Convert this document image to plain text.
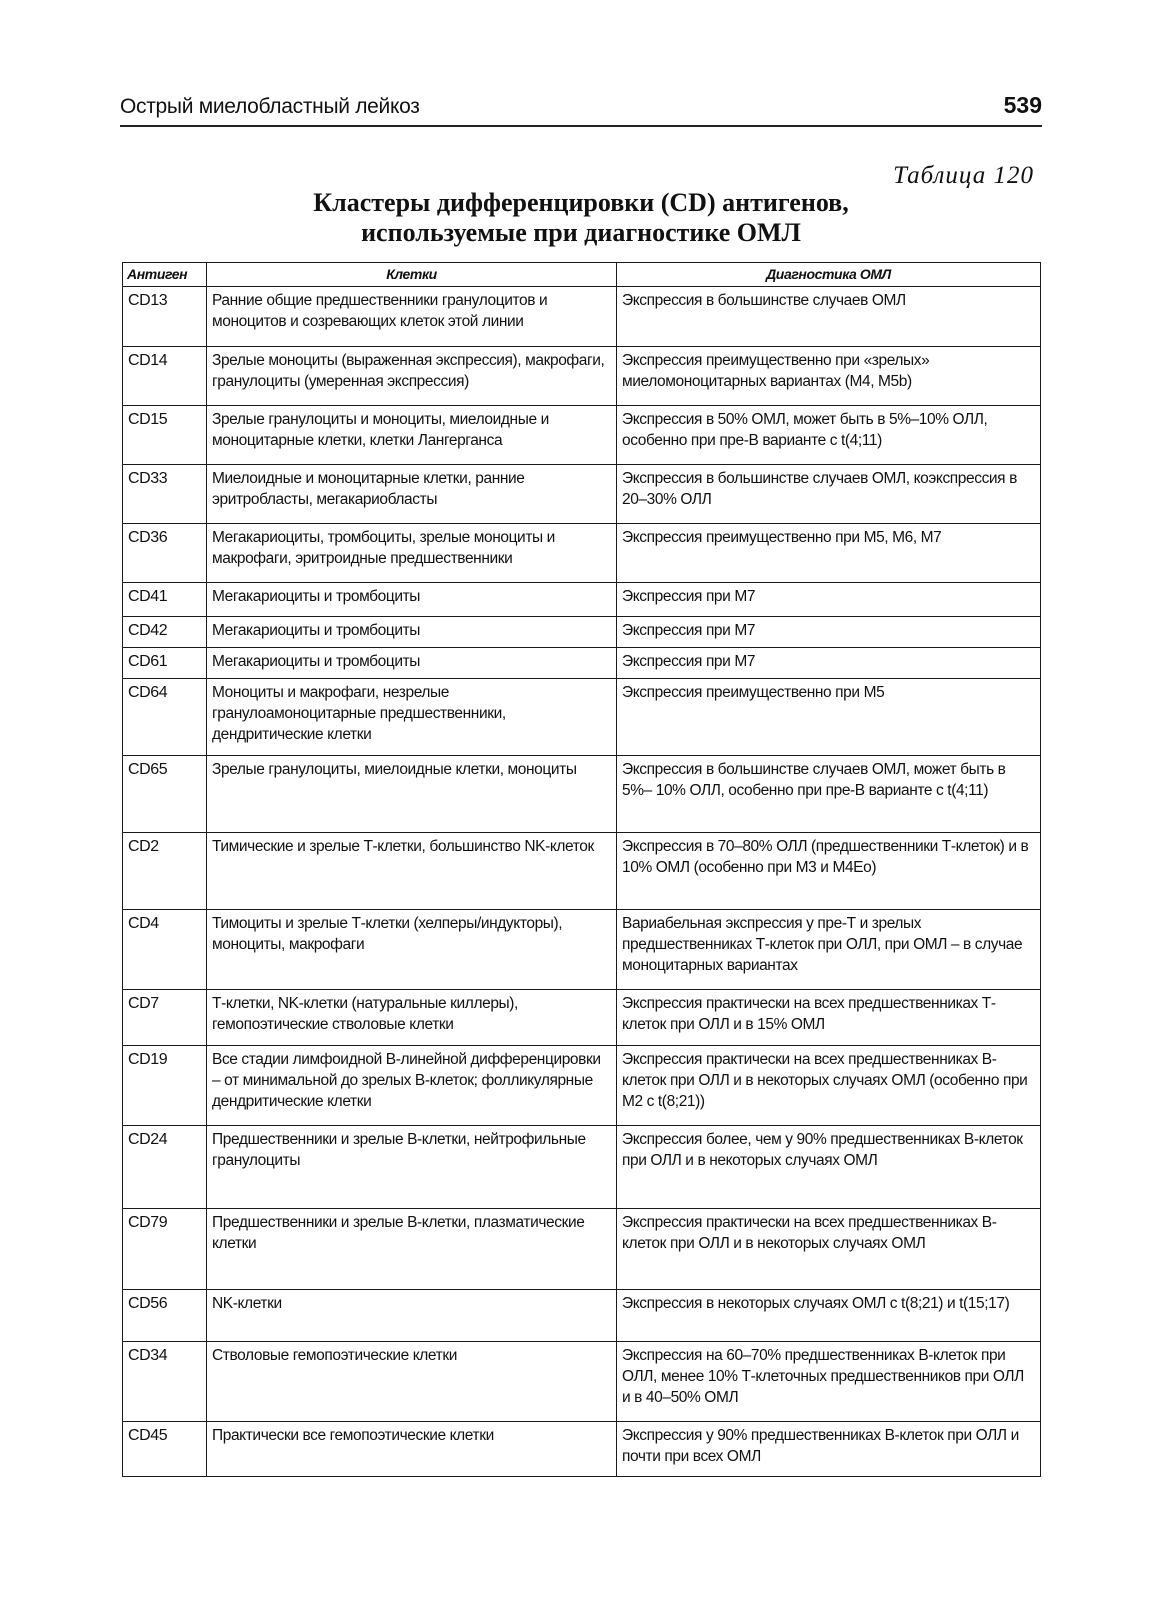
Острый миелобластный лейкоз	539
Таблица 120
Кластеры дифференцировки (CD) антигенов,
используемые при диагностике ОМЛ
Антиген	Клетки	Диагностика ОМЛ
CD13	Ранние общие предшественники гранулоцитов и моноцитов и созревающих клеток этой линии	Экспрессия в большинстве случаев ОМЛ
CD14	Зрелые моноциты (выраженная экспрессия), макрофаги, гранулоциты (умеренная экспрессия)	Экспрессия преимущественно при «зрелых» миеломоноцитарных вариантах (M4, M5b)
CD15	Зрелые гранулоциты и моноциты, миелоидные и моноцитарные клетки, клетки Лангерганса	Экспрессия в 50% ОМЛ, может быть в 5%–10% ОЛЛ, особенно при пре-В варианте с t(4;11)
CD33	Миелоидные и моноцитарные клетки, ранние эритробласты, мегакариобласты	Экспрессия в большинстве случаев ОМЛ, коэкспрессия в 20–30% ОЛЛ
CD36	Мегакариоциты, тромбоциты, зрелые моноциты и макрофаги, эритроидные предшественники	Экспрессия преимущественно при M5, M6, M7
CD41	Мегакариоциты и тромбоциты	Экспрессия при M7
CD42	Мегакариоциты и тромбоциты	Экспрессия при M7
CD61	Мегакариоциты и тромбоциты	Экспрессия при M7
CD64	Моноциты и макрофаги, незрелые гранулоамоноцитарные предшественники, дендритические клетки	Экспрессия преимущественно при M5
CD65	Зрелые гранулоциты, миелоидные клетки, моноциты	Экспрессия в большинстве случаев ОМЛ, может быть в 5%– 10% ОЛЛ, особенно при пре-В варианте с t(4;11)
CD2	Тимические и зрелые Т-клетки, большинство NK-клеток	Экспрессия в 70–80% ОЛЛ (предшественники Т-клеток) и в 10% ОМЛ (особенно при M3 и M4Eo)
CD4	Тимоциты и зрелые Т-клетки (хелперы/индукторы), моноциты, макрофаги	Вариабельная экспрессия у пре-Т и зрелых предшественниках Т-клеток при ОЛЛ, при ОМЛ – в случае моноцитарных вариантах
CD7	Т-клетки, NK-клетки (натуральные киллеры), гемопоэтические стволовые клетки	Экспрессия практически на всех предшественниках Т-клеток при ОЛЛ и в 15% ОМЛ
CD19	Все стадии лимфоидной В-линейной дифференцировки – от минимальной до зрелых В-клеток; фолликулярные дендритические клетки	Экспрессия практически на всех предшественниках В-клеток при ОЛЛ и в некоторых случаях ОМЛ (особенно при M2 с t(8;21))
CD24	Предшественники и зрелые В-клетки, нейтрофильные гранулоциты	Экспрессия более, чем у 90% предшественниках В-клеток при ОЛЛ и в некоторых случаях ОМЛ
CD79	Предшественники и зрелые В-клетки, плазматические клетки	Экспрессия практически на всех предшественниках В-клеток при ОЛЛ и в некоторых случаях ОМЛ
CD56	NK-клетки	Экспрессия в некоторых случаях ОМЛ с t(8;21) и t(15;17)
CD34	Стволовые гемопоэтические клетки	Экспрессия на 60–70% предшественниках В-клеток при ОЛЛ, менее 10% Т-клеточных предшественников при ОЛЛ и в 40–50% ОМЛ
CD45	Практически все гемопоэтические клетки	Экспрессия у 90% предшественниках В-клеток при ОЛЛ и почти при всех ОМЛ
